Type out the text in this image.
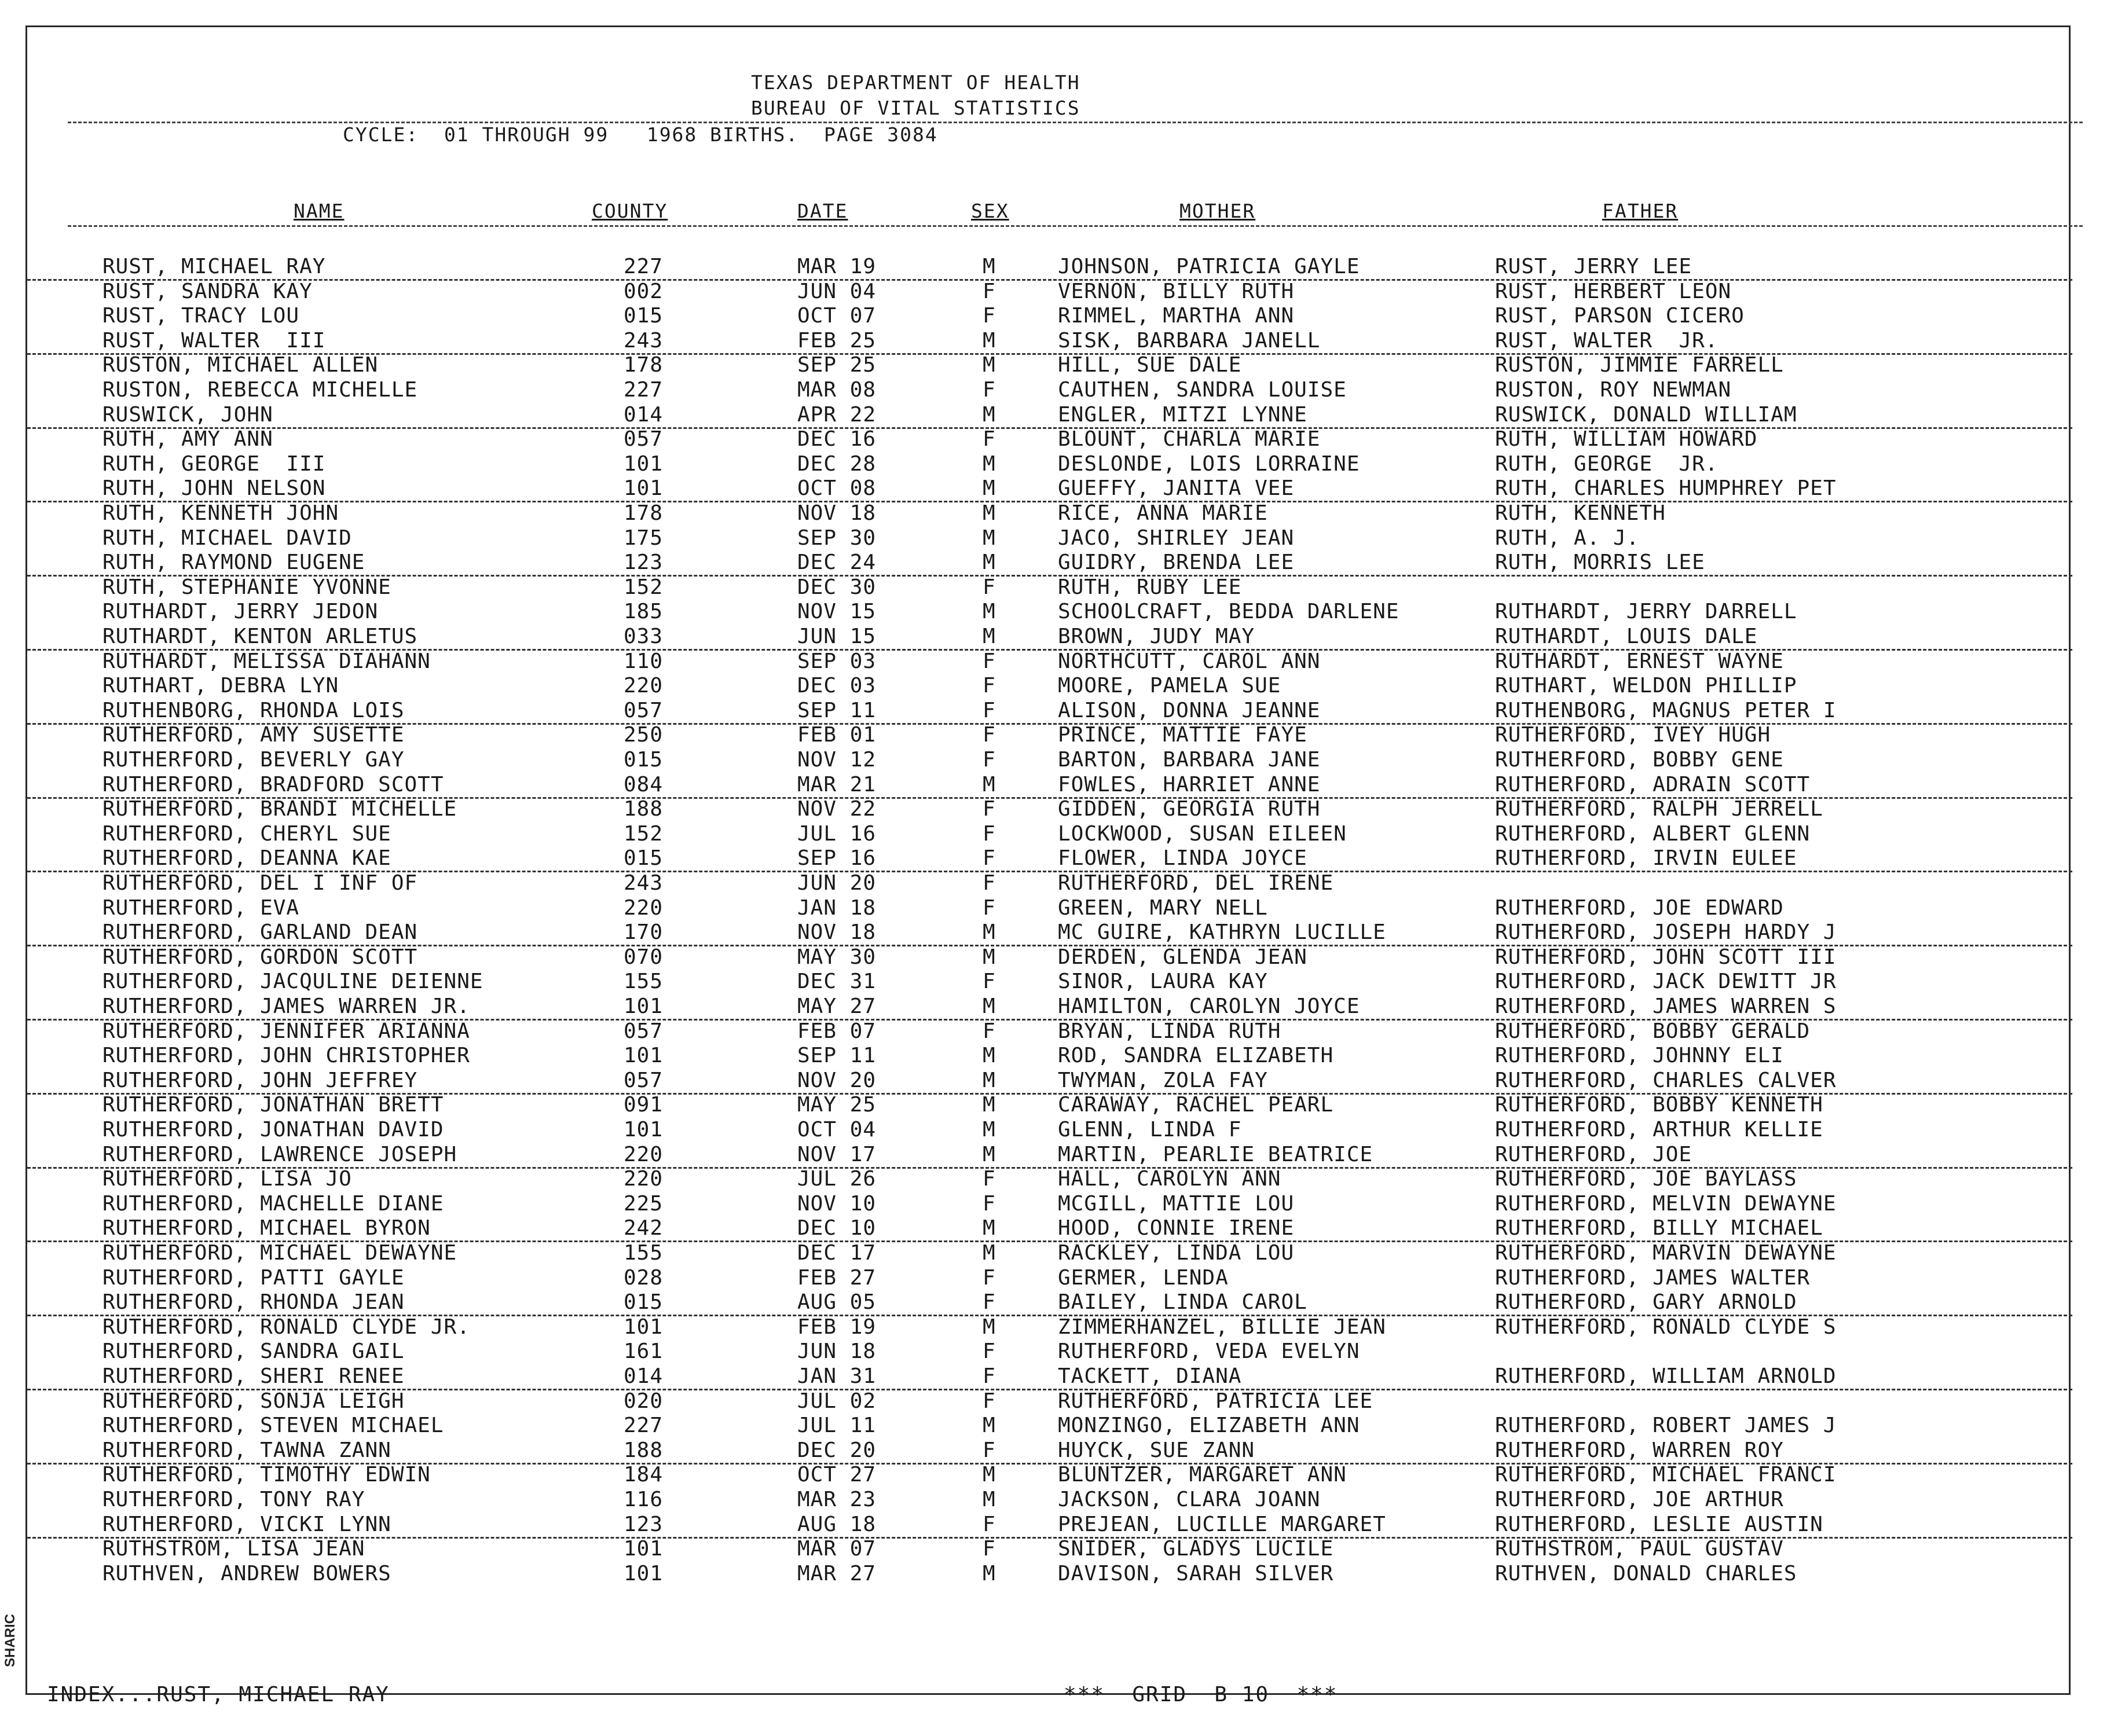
SHARIC
TEXAS DEPARTMENT OF HEALTH
BUREAU OF VITAL STATISTICS
CYCLE:  01 THROUGH 99   1968 BIRTHS.  PAGE 3084
NAME	COUNTY	DATE	SEX	MOTHER	FATHER
RUST, MICHAEL RAY	227	MAR 19	M	JOHNSON, PATRICIA GAYLE	RUST, JERRY LEE
RUST, SANDRA KAY	002	JUN 04	F	VERNON, BILLY RUTH	RUST, HERBERT LEON
RUST, TRACY LOU	015	OCT 07	F	RIMMEL, MARTHA ANN	RUST, PARSON CICERO
RUST, WALTER  III	243	FEB 25	M	SISK, BARBARA JANELL	RUST, WALTER  JR.
RUSTON, MICHAEL ALLEN	178	SEP 25	M	HILL, SUE DALE	RUSTON, JIMMIE FARRELL
RUSTON, REBECCA MICHELLE	227	MAR 08	F	CAUTHEN, SANDRA LOUISE	RUSTON, ROY NEWMAN
RUSWICK, JOHN	014	APR 22	M	ENGLER, MITZI LYNNE	RUSWICK, DONALD WILLIAM
RUTH, AMY ANN	057	DEC 16	F	BLOUNT, CHARLA MARIE	RUTH, WILLIAM HOWARD
RUTH, GEORGE  III	101	DEC 28	M	DESLONDE, LOIS LORRAINE	RUTH, GEORGE  JR.
RUTH, JOHN NELSON	101	OCT 08	M	GUEFFY, JANITA VEE	RUTH, CHARLES HUMPHREY PET
RUTH, KENNETH JOHN	178	NOV 18	M	RICE, ANNA MARIE	RUTH, KENNETH
RUTH, MICHAEL DAVID	175	SEP 30	M	JACO, SHIRLEY JEAN	RUTH, A. J.
RUTH, RAYMOND EUGENE	123	DEC 24	M	GUIDRY, BRENDA LEE	RUTH, MORRIS LEE
RUTH, STEPHANIE YVONNE	152	DEC 30	F	RUTH, RUBY LEE
RUTHARDT, JERRY JEDON	185	NOV 15	M	SCHOOLCRAFT, BEDDA DARLENE	RUTHARDT, JERRY DARRELL
RUTHARDT, KENTON ARLETUS	033	JUN 15	M	BROWN, JUDY MAY	RUTHARDT, LOUIS DALE
RUTHARDT, MELISSA DIAHANN	110	SEP 03	F	NORTHCUTT, CAROL ANN	RUTHARDT, ERNEST WAYNE
RUTHART, DEBRA LYN	220	DEC 03	F	MOORE, PAMELA SUE	RUTHART, WELDON PHILLIP
RUTHENBORG, RHONDA LOIS	057	SEP 11	F	ALISON, DONNA JEANNE	RUTHENBORG, MAGNUS PETER I
RUTHERFORD, AMY SUSETTE	250	FEB 01	F	PRINCE, MATTIE FAYE	RUTHERFORD, IVEY HUGH
RUTHERFORD, BEVERLY GAY	015	NOV 12	F	BARTON, BARBARA JANE	RUTHERFORD, BOBBY GENE
RUTHERFORD, BRADFORD SCOTT	084	MAR 21	M	FOWLES, HARRIET ANNE	RUTHERFORD, ADRAIN SCOTT
RUTHERFORD, BRANDI MICHELLE	188	NOV 22	F	GIDDEN, GEORGIA RUTH	RUTHERFORD, RALPH JERRELL
RUTHERFORD, CHERYL SUE	152	JUL 16	F	LOCKWOOD, SUSAN EILEEN	RUTHERFORD, ALBERT GLENN
RUTHERFORD, DEANNA KAE	015	SEP 16	F	FLOWER, LINDA JOYCE	RUTHERFORD, IRVIN EULEE
RUTHERFORD, DEL I INF OF	243	JUN 20	F	RUTHERFORD, DEL IRENE
RUTHERFORD, EVA	220	JAN 18	F	GREEN, MARY NELL	RUTHERFORD, JOE EDWARD
RUTHERFORD, GARLAND DEAN	170	NOV 18	M	MC GUIRE, KATHRYN LUCILLE	RUTHERFORD, JOSEPH HARDY J
RUTHERFORD, GORDON SCOTT	070	MAY 30	M	DERDEN, GLENDA JEAN	RUTHERFORD, JOHN SCOTT III
RUTHERFORD, JACQULINE DEIENNE	155	DEC 31	F	SINOR, LAURA KAY	RUTHERFORD, JACK DEWITT JR
RUTHERFORD, JAMES WARREN JR.	101	MAY 27	M	HAMILTON, CAROLYN JOYCE	RUTHERFORD, JAMES WARREN S
RUTHERFORD, JENNIFER ARIANNA	057	FEB 07	F	BRYAN, LINDA RUTH	RUTHERFORD, BOBBY GERALD
RUTHERFORD, JOHN CHRISTOPHER	101	SEP 11	M	ROD, SANDRA ELIZABETH	RUTHERFORD, JOHNNY ELI
RUTHERFORD, JOHN JEFFREY	057	NOV 20	M	TWYMAN, ZOLA FAY	RUTHERFORD, CHARLES CALVER
RUTHERFORD, JONATHAN BRETT	091	MAY 25	M	CARAWAY, RACHEL PEARL	RUTHERFORD, BOBBY KENNETH
RUTHERFORD, JONATHAN DAVID	101	OCT 04	M	GLENN, LINDA F	RUTHERFORD, ARTHUR KELLIE
RUTHERFORD, LAWRENCE JOSEPH	220	NOV 17	M	MARTIN, PEARLIE BEATRICE	RUTHERFORD, JOE
RUTHERFORD, LISA JO	220	JUL 26	F	HALL, CAROLYN ANN	RUTHERFORD, JOE BAYLASS
RUTHERFORD, MACHELLE DIANE	225	NOV 10	F	MCGILL, MATTIE LOU	RUTHERFORD, MELVIN DEWAYNE
RUTHERFORD, MICHAEL BYRON	242	DEC 10	M	HOOD, CONNIE IRENE	RUTHERFORD, BILLY MICHAEL
RUTHERFORD, MICHAEL DEWAYNE	155	DEC 17	M	RACKLEY, LINDA LOU	RUTHERFORD, MARVIN DEWAYNE
RUTHERFORD, PATTI GAYLE	028	FEB 27	F	GERMER, LENDA	RUTHERFORD, JAMES WALTER
RUTHERFORD, RHONDA JEAN	015	AUG 05	F	BAILEY, LINDA CAROL	RUTHERFORD, GARY ARNOLD
RUTHERFORD, RONALD CLYDE JR.	101	FEB 19	M	ZIMMERHANZEL, BILLIE JEAN	RUTHERFORD, RONALD CLYDE S
RUTHERFORD, SANDRA GAIL	161	JUN 18	F	RUTHERFORD, VEDA EVELYN
RUTHERFORD, SHERI RENEE	014	JAN 31	F	TACKETT, DIANA	RUTHERFORD, WILLIAM ARNOLD
RUTHERFORD, SONJA LEIGH	020	JUL 02	F	RUTHERFORD, PATRICIA LEE
RUTHERFORD, STEVEN MICHAEL	227	JUL 11	M	MONZINGO, ELIZABETH ANN	RUTHERFORD, ROBERT JAMES J
RUTHERFORD, TAWNA ZANN	188	DEC 20	F	HUYCK, SUE ZANN	RUTHERFORD, WARREN ROY
RUTHERFORD, TIMOTHY EDWIN	184	OCT 27	M	BLUNTZER, MARGARET ANN	RUTHERFORD, MICHAEL FRANCI
RUTHERFORD, TONY RAY	116	MAR 23	M	JACKSON, CLARA JOANN	RUTHERFORD, JOE ARTHUR
RUTHERFORD, VICKI LYNN	123	AUG 18	F	PREJEAN, LUCILLE MARGARET	RUTHERFORD, LESLIE AUSTIN
RUTHSTROM, LISA JEAN	101	MAR 07	F	SNIDER, GLADYS LUCILE	RUTHSTROM, PAUL GUSTAV
RUTHVEN, ANDREW BOWERS	101	MAR 27	M	DAVISON, SARAH SILVER	RUTHVEN, DONALD CHARLES
INDEX...RUST, MICHAEL RAY	***  GRID  B 10  ***
